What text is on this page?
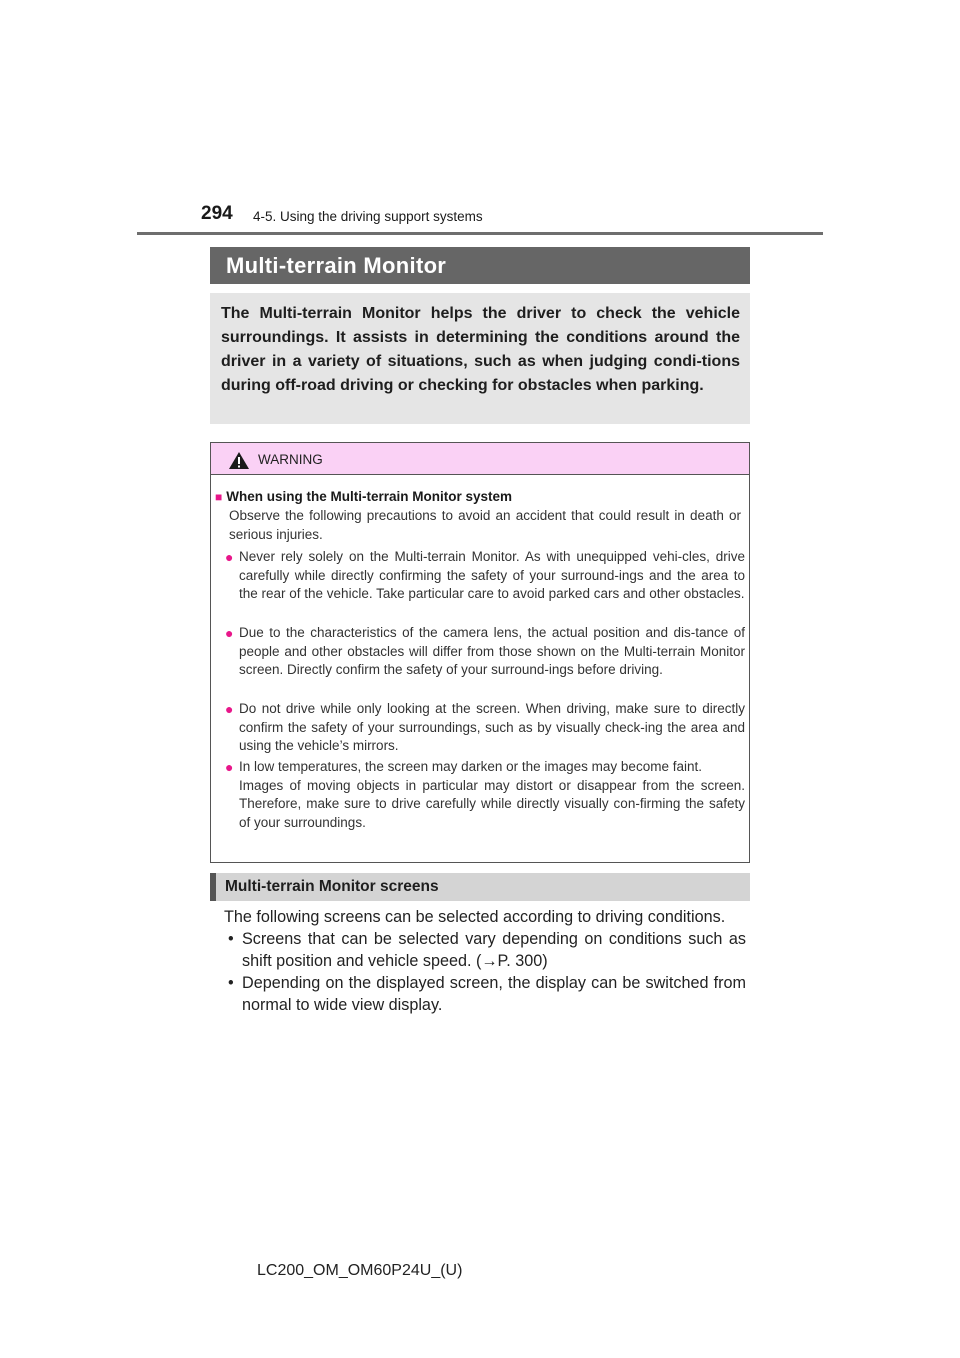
294 4-5. Using the driving support systems
Multi-terrain Monitor

The Multi-terrain Monitor helps the driver to check the vehicle surroundings. It assists in determining the conditions around the driver in a variety of situations, such as when judging condi-tions during off-road driving or checking for obstacles when parking.

WARNING
■ When using the Multi-terrain Monitor system
Observe the following precautions to avoid an accident that could result in death or serious injuries.
● Never rely solely on the Multi-terrain Monitor. As with unequipped vehi-cles, drive carefully while directly confirming the safety of your surround-ings and the area to the rear of the vehicle. Take particular care to avoid parked cars and other obstacles.
● Due to the characteristics of the camera lens, the actual position and dis-tance of people and other obstacles will differ from those shown on the Multi-terrain Monitor screen. Directly confirm the safety of your surround-ings before driving.
● Do not drive while only looking at the screen. When driving, make sure to directly confirm the safety of your surroundings, such as by visually check-ing the area and using the vehicle’s mirrors.
● In low temperatures, the screen may darken or the images may become faint.
Images of moving objects in particular may distort or disappear from the screen. Therefore, make sure to drive carefully while directly visually con-firming the safety of your surroundings.
Multi-terrain Monitor screens
The following screens can be selected according to driving conditions.
• Screens that can be selected vary depending on conditions such as shift position and vehicle speed. (→P. 300)
• Depending on the displayed screen, the display can be switched from normal to wide view display.
LC200_OM_OM60P24U_(U)
